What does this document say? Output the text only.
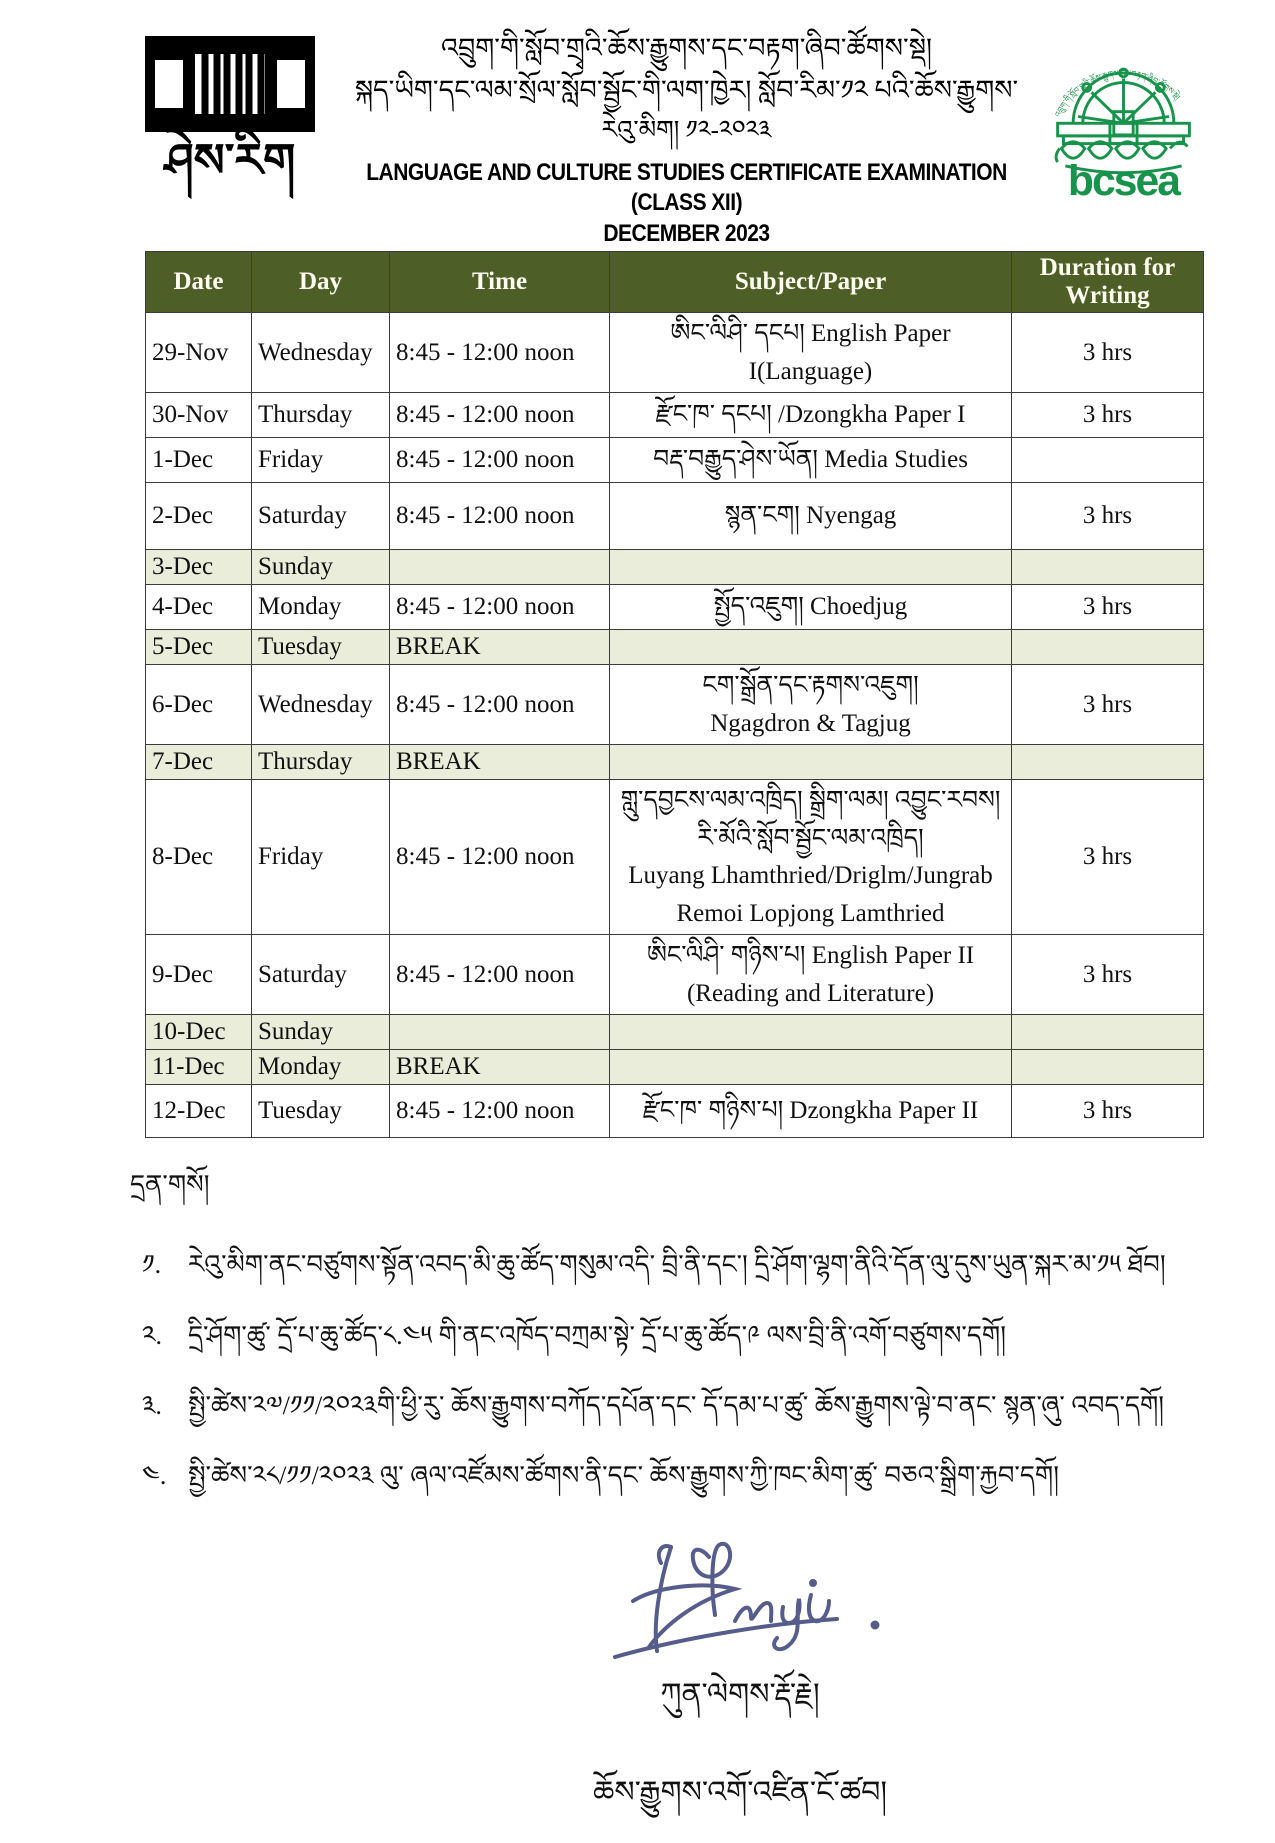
ཤེས་རིག
འབྲུག་གི་སློབ་གྲྭའི་ཆོས་རྒྱུགས་དང་བརྟག་ཞིབ་ཚོགས་སྡེ།
སྐད་ཡིག་དང་ལམ་སྲོལ་སློབ་སྦྱོང་གི་ལག་ཁྱེར། སློབ་རིམ་༡༢ པའི་ཆོས་རྒྱུགས་
རེའུ་མིག། ༡༢-༢༠༢༣
LANGUAGE AND CULTURE STUDIES CERTIFICATE EXAMINATION (CLASS XII)
DECEMBER 2023
འབྲུག་གི་སློབ་གྲྭའི་ཆོས་རྒྱུགས་དང་བརྟག་ཞིབ་ཚོགས་སྡེ།
bcsea
Date	Day	Time	Subject/Paper	Duration for Writing
29-Nov	Wednesday	8:45 - 12:00 noon	ཨིང་ལིཤི་ དངཔ། English Paper I(Language)	3 hrs
30-Nov	Thursday	8:45 - 12:00 noon	རྫོང་ཁ་ དངཔ། /Dzongkha Paper I	3 hrs
1-Dec	Friday	8:45 - 12:00 noon	བརྡ་བརྒྱུད་ཤེས་ཡོན། Media Studies	

2-Dec	Saturday	8:45 - 12:00 noon	སྙན་ངག། Nyengag	3 hrs
3-Dec	Sunday			
4-Dec	Monday	8:45 - 12:00 noon	སྤྱོད་འཇུག། Choedjug	3 hrs
5-Dec	Tuesday	BREAK		
6-Dec	Wednesday	8:45 - 12:00 noon	ངག་སྒྲོན་དང་རྟགས་འཇུག།
Ngagdron & Tagjug	3 hrs
7-Dec	Thursday	BREAK		
8-Dec	Friday	8:45 - 12:00 noon	གླུ་དབྱངས་ལམ་འཁྲིད། སྒྲིག་ལམ། འབྱུང་རབས།
རི་མོའི་སློབ་སྦྱོང་ལམ་འཁྲིད།
Luyang Lhamthried/Driglm/Jungrab
Remoi Lopjong Lamthried	3 hrs
9-Dec	Saturday	8:45 - 12:00 noon	ཨིང་ལིཤི་ གཉིས་པ། English Paper II
(Reading and Literature)	3 hrs
10-Dec	Sunday			
11-Dec	Monday	BREAK		
12-Dec	Tuesday	8:45 - 12:00 noon	རྫོང་ཁ་ གཉིས་པ། Dzongkha Paper II	3 hrs
དྲན་གསོ།
༡.	རེའུ་མིག་ནང་བཙུགས་སྟོན་འབད་མི་ཆུ་ཚོད་གསུམ་འདི་ བྲི་ནི་དང་། དྲི་ཤོག་ལྷག་ནིའི་དོན་ལུ་དུས་ཡུན་སྐར་མ་༡༥ ཐོབ།
༢.	དྲི་ཤོག་ཚུ་ དྲོ་པ་ཆུ་ཚོད་༨.༤༥ གི་ནང་འཁོད་བཀྲམ་སྟེ་ དྲོ་པ་ཆུ་ཚོད་༩ ལས་བྲི་ནི་འགོ་བཙུགས་དགོ།
༣.	སྤྱི་ཚེས་༢༧/༡༡/༢༠༢༣གི་ཕྱི་རུ་ ཆོས་རྒྱུགས་བཀོད་དཔོན་དང་ དོ་དམ་པ་ཚུ་ ཆོས་རྒྱུགས་ལྟེ་བ་ནང་ སྙན་ཞུ་ འབད་དགོ།
༤. སྤྱི་ཚེས་༢༨/༡༡/༢༠༢༣ ལུ་ ཞལ་འཛོམས་ཚོགས་ནི་དང་ ཆོས་རྒྱུགས་ཀྱི་ཁང་མིག་ཚུ་ བཅའ་སྒྲིག་རྐྱབ་དགོ།
ཀུན་ལེགས་རྡོ་རྗེ།
ཆོས་རྒྱུགས་འགོ་འཛིན་ངོ་ཚབ།
